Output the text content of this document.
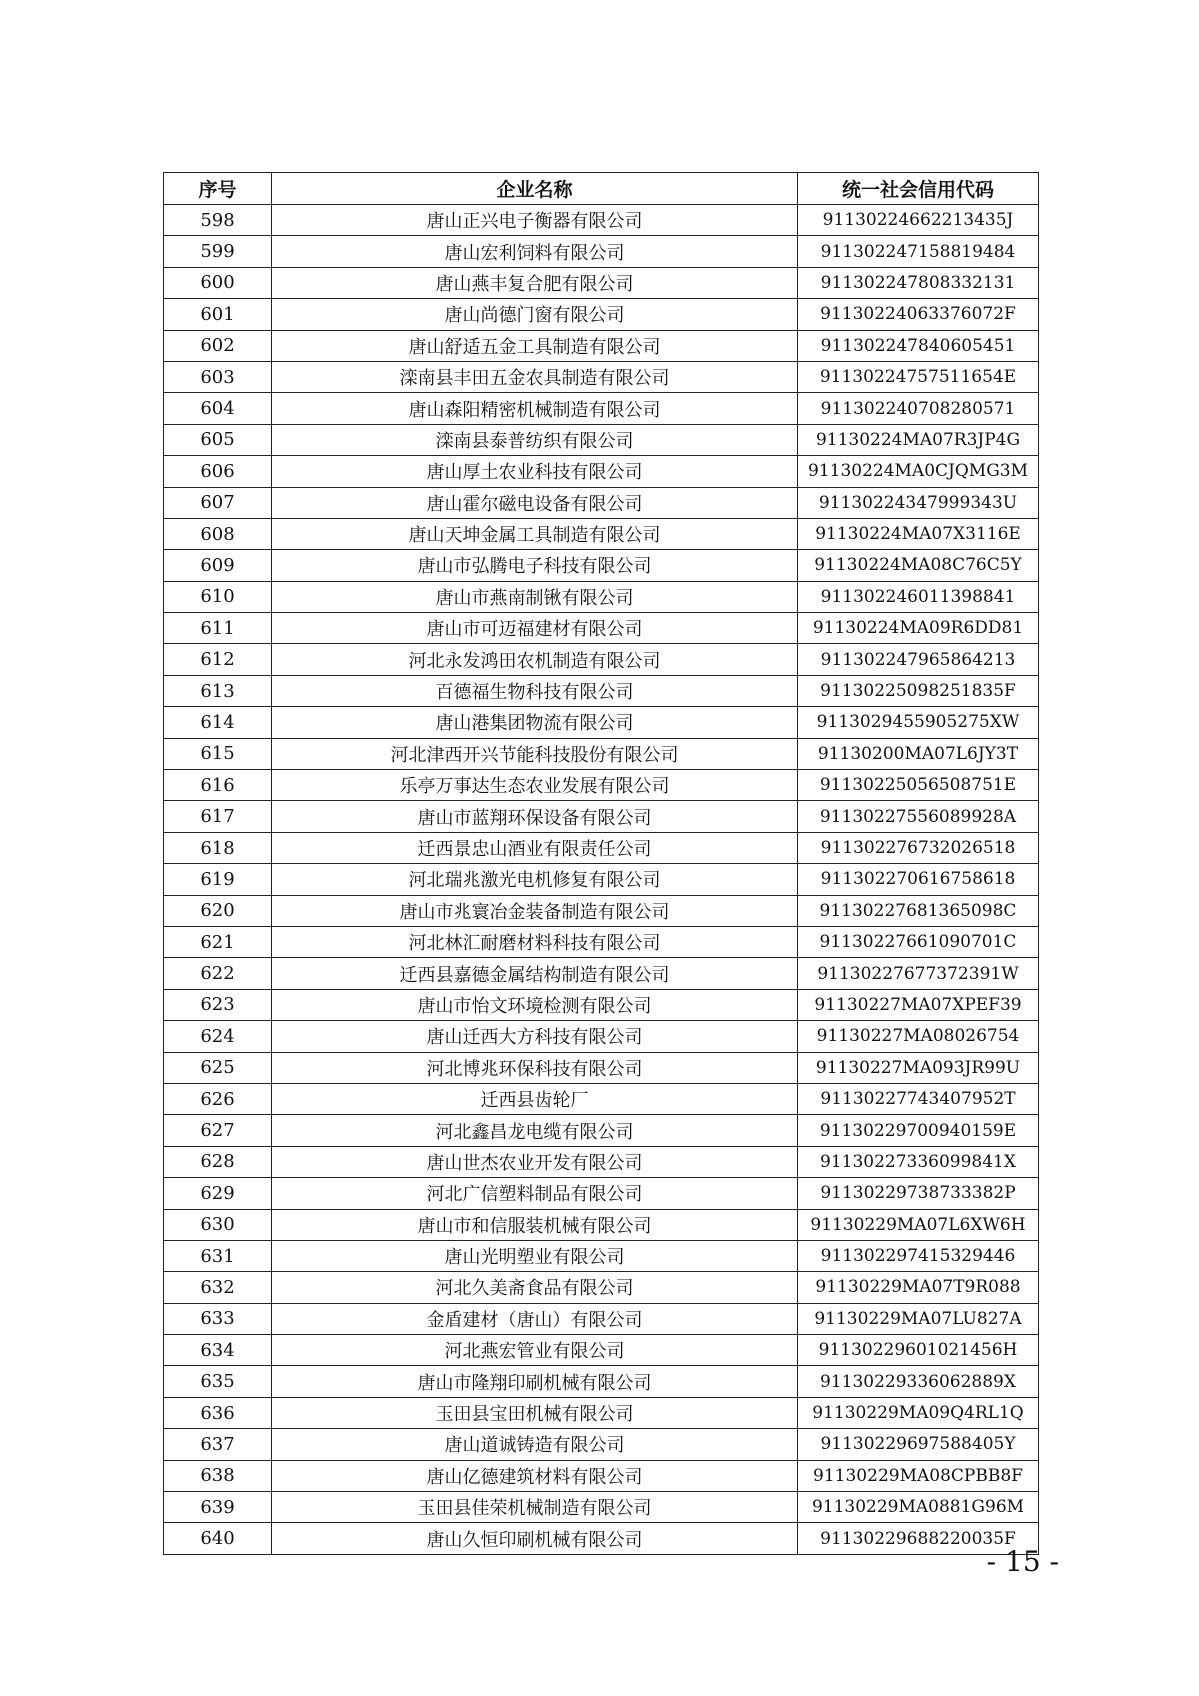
序号	企业名称	统一社会信用代码
598	唐山正兴电子衡器有限公司	91130224662213435J
599	唐山宏利饲料有限公司	911302247158819484
600	唐山燕丰复合肥有限公司	911302247808332131
601	唐山尚德门窗有限公司	91130224063376072F
602	唐山舒适五金工具制造有限公司	911302247840605451
603	滦南县丰田五金农具制造有限公司	91130224757511654E
604	唐山森阳精密机械制造有限公司	911302240708280571
605	滦南县泰普纺织有限公司	91130224MA07R3JP4G
606	唐山厚土农业科技有限公司	91130224MA0CJQMG3M
607	唐山霍尔磁电设备有限公司	91130224347999343U
608	唐山天坤金属工具制造有限公司	91130224MA07X3116E
609	唐山市弘腾电子科技有限公司	91130224MA08C76C5Y
610	唐山市燕南制锹有限公司	911302246011398841
611	唐山市可迈福建材有限公司	91130224MA09R6DD81
612	河北永发鸿田农机制造有限公司	911302247965864213
613	百德福生物科技有限公司	91130225098251835F
614	唐山港集团物流有限公司	9113029455905275XW
615	河北津西开兴节能科技股份有限公司	91130200MA07L6JY3T
616	乐亭万事达生态农业发展有限公司	91130225056508751E
617	唐山市蓝翔环保设备有限公司	91130227556089928A
618	迁西景忠山酒业有限责任公司	911302276732026518
619	河北瑞兆激光电机修复有限公司	911302270616758618
620	唐山市兆寰冶金装备制造有限公司	91130227681365098C
621	河北林汇耐磨材料科技有限公司	91130227661090701C
622	迁西县嘉德金属结构制造有限公司	91130227677372391W
623	唐山市怡文环境检测有限公司	91130227MA07XPEF39
624	唐山迁西大方科技有限公司	91130227MA08026754
625	河北博兆环保科技有限公司	91130227MA093JR99U
626	迁西县齿轮厂	91130227743407952T
627	河北鑫昌龙电缆有限公司	91130229700940159E
628	唐山世杰农业开发有限公司	91130227336099841X
629	河北广信塑料制品有限公司	91130229738733382P
630	唐山市和信服装机械有限公司	91130229MA07L6XW6H
631	唐山光明塑业有限公司	911302297415329446
632	河北久美斋食品有限公司	91130229MA07T9R088
633	金盾建材（唐山）有限公司	91130229MA07LU827A
634	河北燕宏管业有限公司	91130229601021456H
635	唐山市隆翔印刷机械有限公司	91130229336062889X
636	玉田县宝田机械有限公司	91130229MA09Q4RL1Q
637	唐山道诚铸造有限公司	91130229697588405Y
638	唐山亿德建筑材料有限公司	91130229MA08CPBB8F
639	玉田县佳荣机械制造有限公司	91130229MA0881G96M
640	唐山久恒印刷机械有限公司	91130229688220035F
- 15 -
